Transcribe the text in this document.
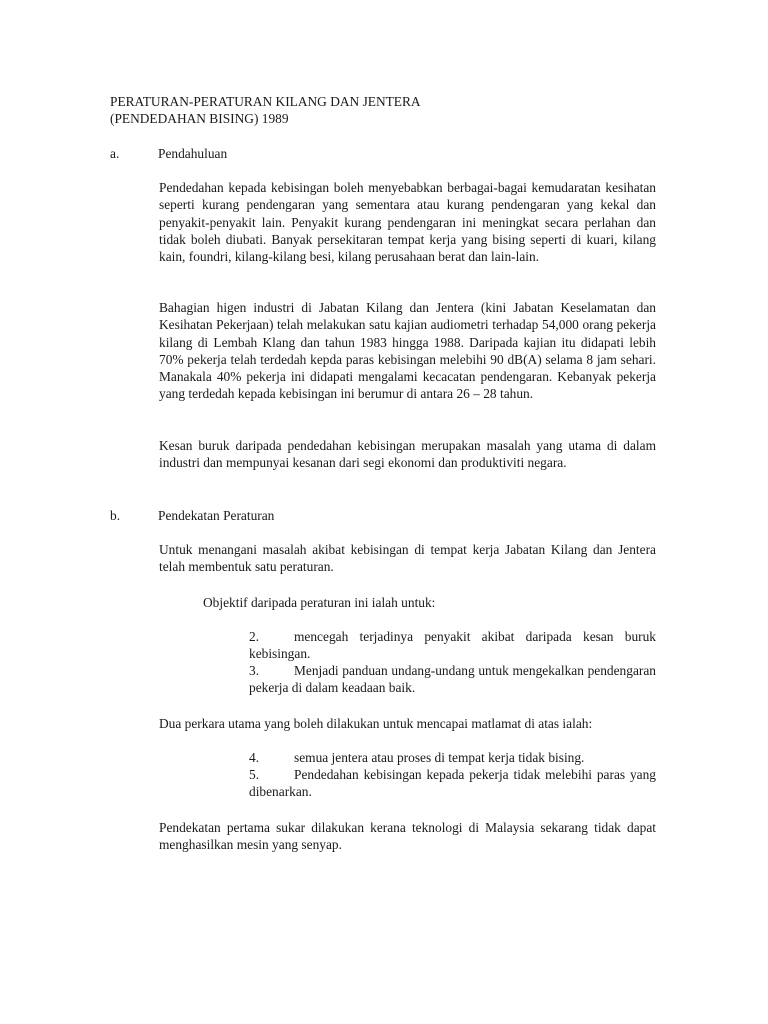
PERATURAN-PERATURAN KILANG DAN JENTERA
(PENDEDAHAN BISING) 1989
a.	Pendahuluan
Pendedahan kepada kebisingan boleh menyebabkan berbagai-bagai kemudaratan kesihatan seperti kurang pendengaran yang sementara atau kurang pendengaran yang kekal dan penyakit-penyakit lain. Penyakit kurang pendengaran ini meningkat secara perlahan dan tidak boleh diubati. Banyak persekitaran tempat kerja yang bising seperti di kuari, kilang kain, foundri, kilang-kilang besi, kilang perusahaan berat dan lain-lain.
Bahagian higen industri di Jabatan Kilang dan Jentera (kini Jabatan Keselamatan dan Kesihatan Pekerjaan) telah melakukan satu kajian audiometri terhadap 54,000 orang pekerja kilang di Lembah Klang dan tahun 1983 hingga 1988. Daripada kajian itu didapati lebih 70% pekerja telah terdedah kepda paras kebisingan melebihi 90 dB(A) selama 8 jam sehari. Manakala 40% pekerja ini didapati mengalami kecacatan pendengaran. Kebanyak pekerja yang terdedah kepada kebisingan ini berumur di antara 26 – 28 tahun.
Kesan buruk daripada pendedahan kebisingan merupakan masalah yang utama di dalam industri dan mempunyai kesanan dari segi ekonomi dan produktiviti negara.
b.	Pendekatan Peraturan
Untuk menangani masalah akibat kebisingan di tempat kerja Jabatan Kilang dan Jentera telah membentuk satu peraturan.
Objektif daripada peraturan ini ialah untuk:
2.	mencegah terjadinya penyakit akibat daripada kesan buruk kebisingan.
3.	Menjadi panduan undang-undang untuk mengekalkan pendengaran pekerja di dalam keadaan baik.
Dua perkara utama yang boleh dilakukan untuk mencapai matlamat di atas ialah:
4.	semua jentera atau proses di tempat kerja tidak bising.
5.	Pendedahan kebisingan kepada pekerja tidak melebihi paras yang dibenarkan.
Pendekatan pertama sukar dilakukan kerana teknologi di Malaysia sekarang tidak dapat menghasilkan mesin yang senyap.
